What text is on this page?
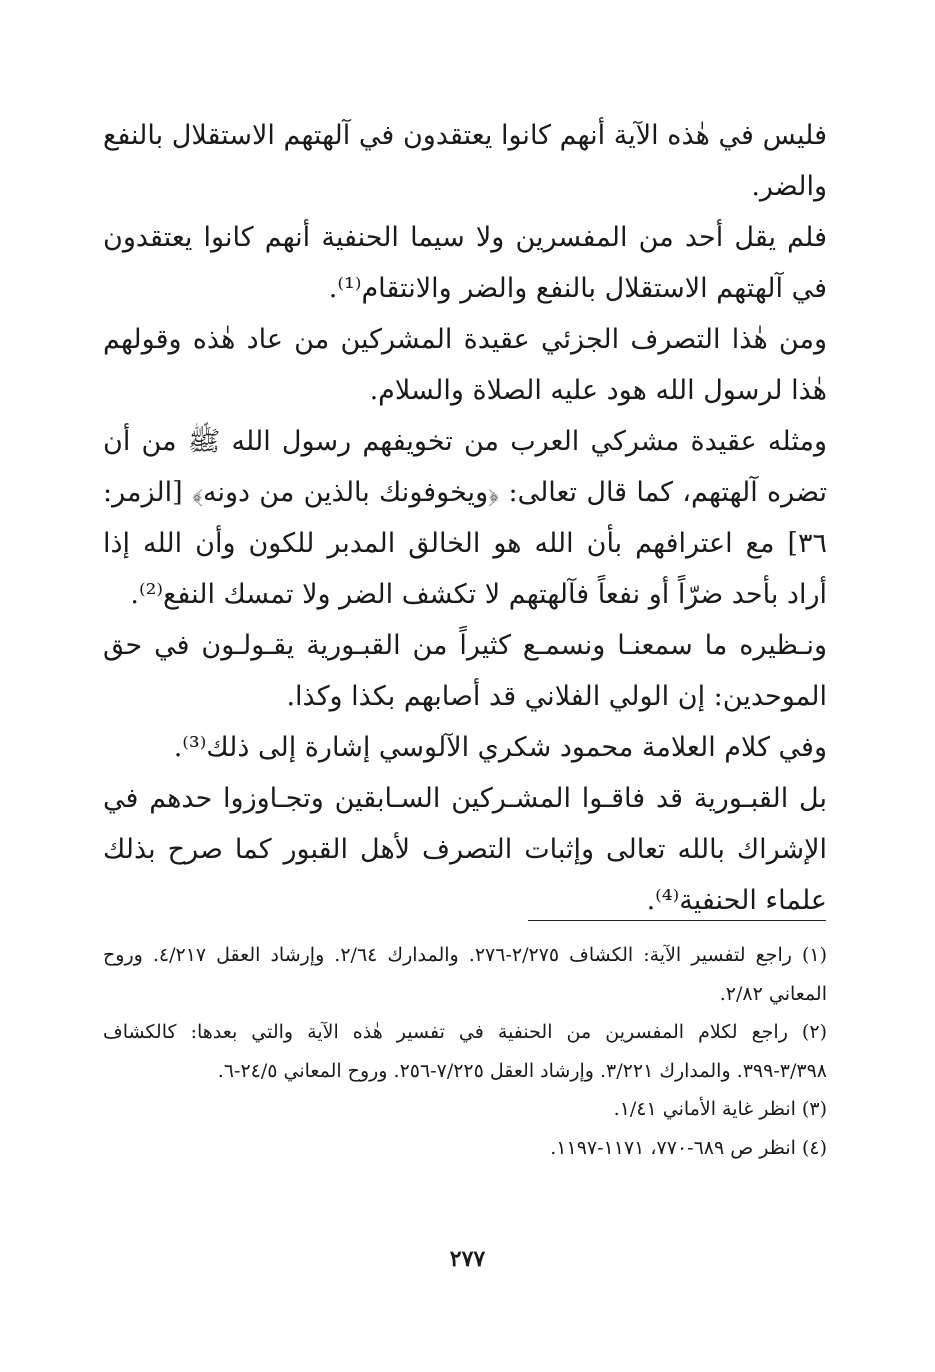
فليس في هٰذه الآية أنهم كانوا يعتقدون في آلهتهم الاستقلال بالنفع والضر.

فلم يقل أحد من المفسرين ولا سيما الحنفية أنهم كانوا يعتقدون في آلهتهم الاستقلال بالنفع والضر والانتقام⁽¹⁾.

ومن هٰذا التصرف الجزئي عقيدة المشركين من عاد هٰذه وقولهم هٰذا لرسول الله هود عليه الصلاة والسلام.

ومثله عقيدة مشركي العرب من تخويفهم رسول الله ﷺ من أن تضره آلهتهم، كما قال تعالى: ﴿ويخوفونك بالذين من دونه﴾ [الزمر: ٣٦] مع اعترافهم بأن الله هو الخالق المدبر للكون وأن الله إذا أراد بأحد ضرّاً أو نفعاً فآلهتهم لا تكشف الضر ولا تمسك النفع⁽²⁾.

ونـظيره ما سمعنـا ونسمـع كثيراً من القبـورية يقـولـون في حق الموحدين: إن الولي الفلاني قد أصابهم بكذا وكذا.

وفي كلام العلامة محمود شكري الآلوسي إشارة إلى ذلك⁽³⁾.

بل القبـورية قد فاقـوا المشـركين السـابقين وتجـاوزوا حدهم في الإشراك بالله تعالى وإثبات التصرف لأهل القبور كما صرح بذلك علماء الحنفية⁽⁴⁾.

(١) راجع لتفسير الآية: الكشاف ٢/٢٧٥-٢٧٦. والمدارك ٢/٦٤. وإرشاد العقل ٤/٢١٧. وروح المعاني ٢/٨٢.

(٢) راجع لكلام المفسرين من الحنفية في تفسير هٰذه الآية والتي بعدها: كالكشاف ٣/٣٩٨-٣٩٩. والمدارك ٣/٢٢١. وإرشاد العقل ٧/٢٢٥-٢٥٦. وروح المعاني ٢٤/٥-٦.

(٣) انظر غاية الأماني ١/٤١.

(٤) انظر ص ٦٨٩-٧٧٠، ١١٧١-١١٩٧.

٢٧٧
